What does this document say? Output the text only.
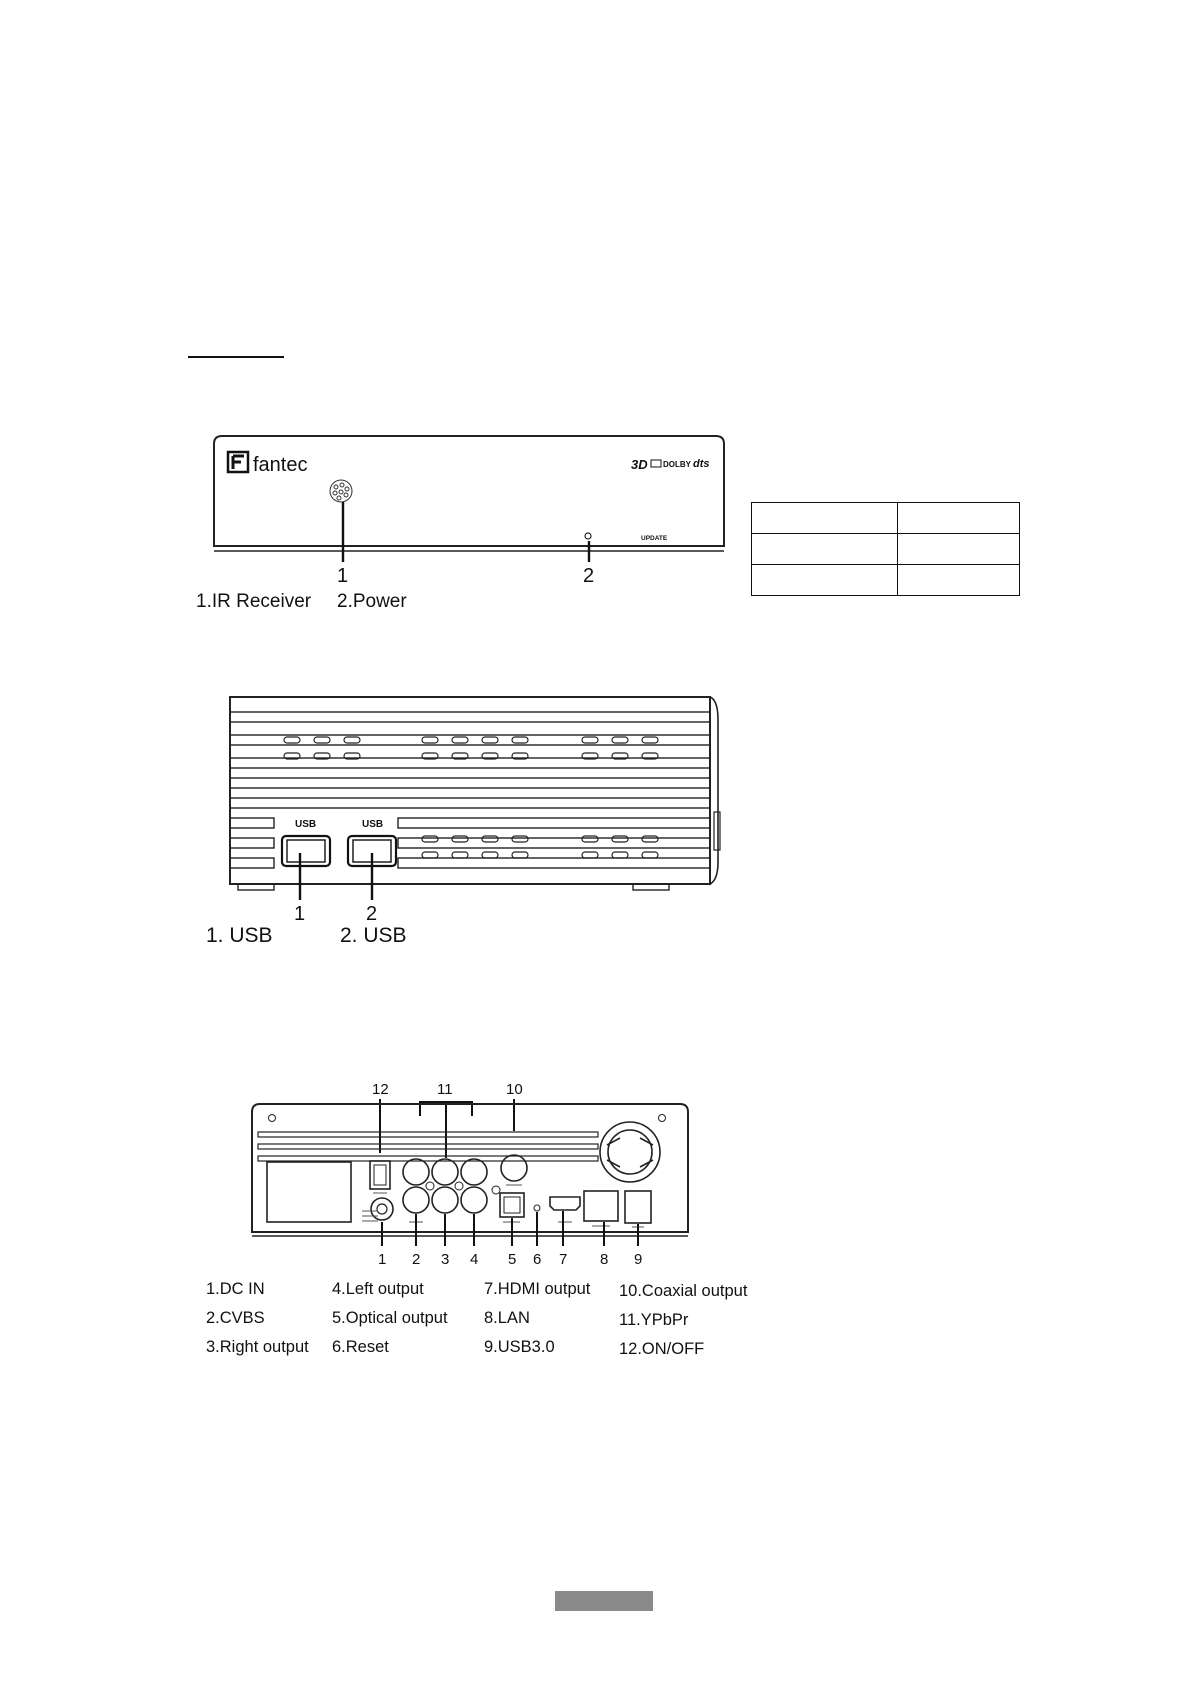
fantec	3D DOLBY dts
UPDATE
1	2
1.IR Receiver 2.Power

USB	USB
1	2
1. USB	2. USB
12	11	10
1 2 3 4 5 6 7 8 9
1.DC IN
2.CVBS
3.Right output
4.Left output
5.Optical output
6.Reset
7.HDMI output
8.LAN
9.USB3.0
10.Coaxial output
11.YPbPr
12.ON/OFF
